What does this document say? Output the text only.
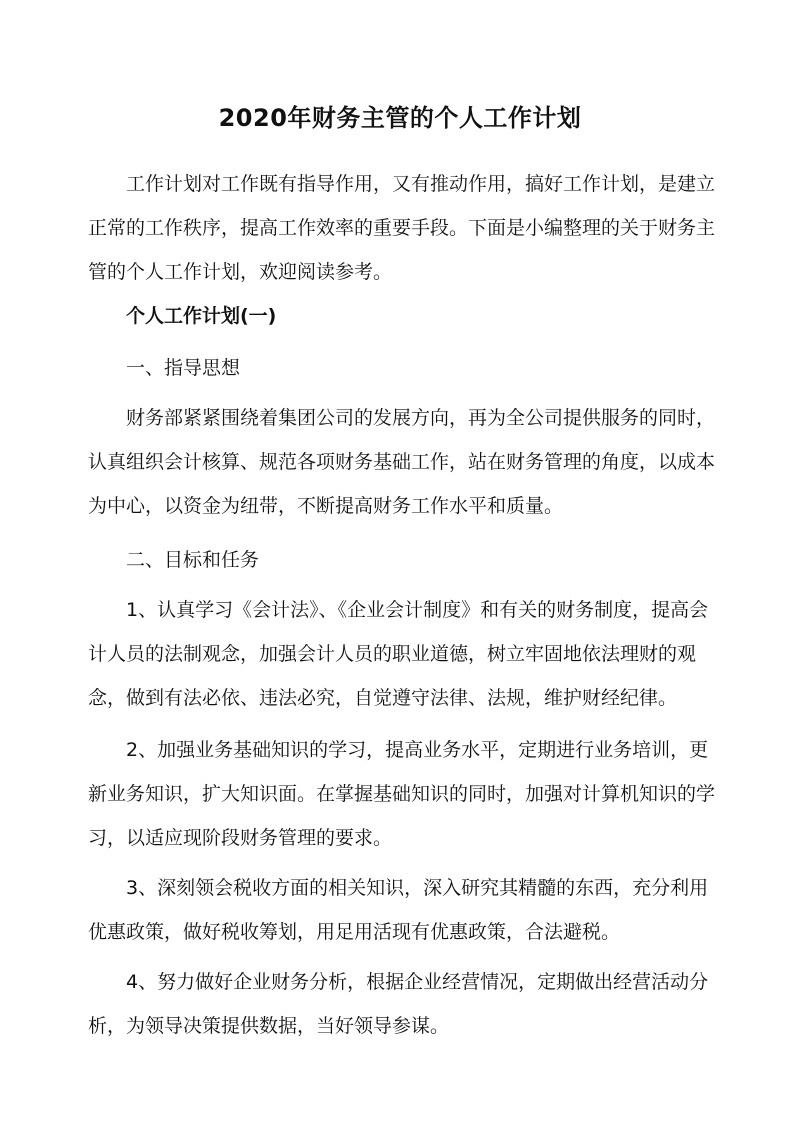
2020年财务主管的个人工作计划

工作计划对工作既有指导作用，又有推动作用，搞好工作计划，是建立正常的工作秩序，提高工作效率的重要手段。下面是小编整理的关于财务主管的个人工作计划，欢迎阅读参考。

个人工作计划(一)

一、指导思想

财务部紧紧围绕着集团公司的发展方向，再为全公司提供服务的同时，认真组织会计核算、规范各项财务基础工作，站在财务管理的角度，以成本为中心，以资金为纽带，不断提高财务工作水平和质量。

二、目标和任务

1、认真学习《会计法》、《企业会计制度》和有关的财务制度，提高会计人员的法制观念，加强会计人员的职业道德，树立牢固地依法理财的观念，做到有法必依、违法必究，自觉遵守法律、法规，维护财经纪律。

2、加强业务基础知识的学习，提高业务水平，定期进行业务培训，更新业务知识，扩大知识面。在掌握基础知识的同时，加强对计算机知识的学习，以适应现阶段财务管理的要求。

3、深刻领会税收方面的相关知识，深入研究其精髓的东西，充分利用优惠政策，做好税收筹划，用足用活现有优惠政策，合法避税。

4、努力做好企业财务分析，根据企业经营情况，定期做出经营活动分析，为领导决策提供数据，当好领导参谋。
